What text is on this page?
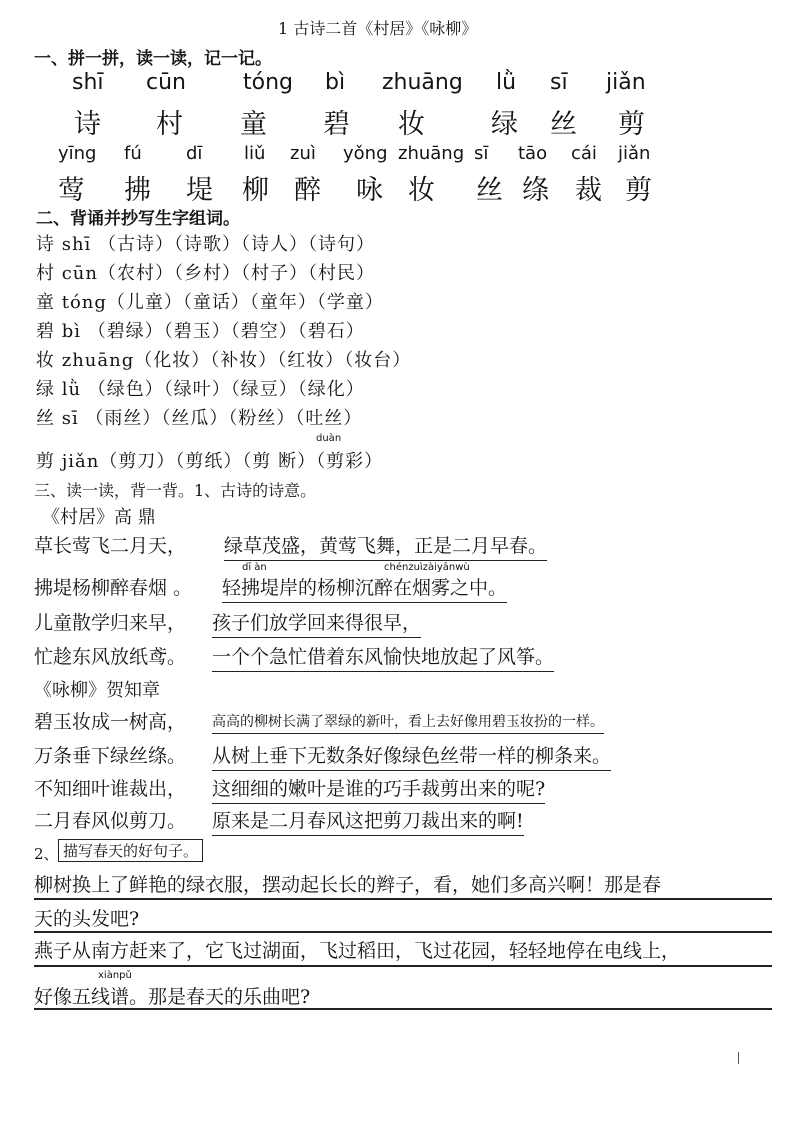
1 古诗二首《村居》《咏柳》
一、拼一拼，读一读，记一记。
shī cūn	tóng bì zhuāng lǜ sī jiǎn
诗 村 童 碧 妆 绿 丝 剪
yīng fú dī liǔ zuì yǒng zhuāng sī tāo cái jiǎn
莺 拂 堤 柳 醉 咏 妆 丝 绦 裁 剪
二、背诵并抄写生字组词。
诗 shī （古诗）（诗歌）（诗人）（诗句）
村 cūn（农村）（乡村）（村子）（村民）
童 tóng（儿童）（童话）（童年）（学童）
碧 bì （碧绿）（碧玉）（碧空）（碧石）
妆 zhuāng（化妆）（补妆）（红妆）（妆台）
绿 lǜ （绿色）（绿叶）（绿豆）（绿化）
丝 sī （雨丝）（丝瓜）（粉丝）（吐丝）
duàn
剪 jiǎn（剪刀）（剪纸）（剪 断）（剪彩）
三、读一读，背一背。1、古诗的诗意。
《村居》高 鼎
草长莺飞二月天， 绿草茂盛，黄莺飞舞，正是二月早春。
dī àn	chénzuìzàiyānwù
拂堤杨柳醉春烟 。 轻拂堤岸的杨柳沉醉在烟雾之中。
儿童散学归来早， 孩子们放学回来得很早，
忙趁东风放纸鸢。 一个个急忙借着东风愉快地放起了风筝。
《咏柳》贺知章
碧玉妆成一树高， 高高的柳树长满了翠绿的新叶，看上去好像用碧玉妆扮的一样。
万条垂下绿丝绦。 从树上垂下无数条好像绿色丝带一样的柳条来。
不知细叶谁裁出， 这细细的嫩叶是谁的巧手裁剪出来的呢?
二月春风似剪刀。 原来是二月春风这把剪刀裁出来的啊!
2、 描写春天的好句子。
柳树换上了鲜艳的绿衣服，摆动起长长的辫子，看，她们多高兴啊！那是春
天的头发吧?
燕子从南方赶来了，它飞过湖面，飞过稻田，飞过花园，轻轻地停在电线上，
xiànpǔ
好像五线谱。那是春天的乐曲吧?
